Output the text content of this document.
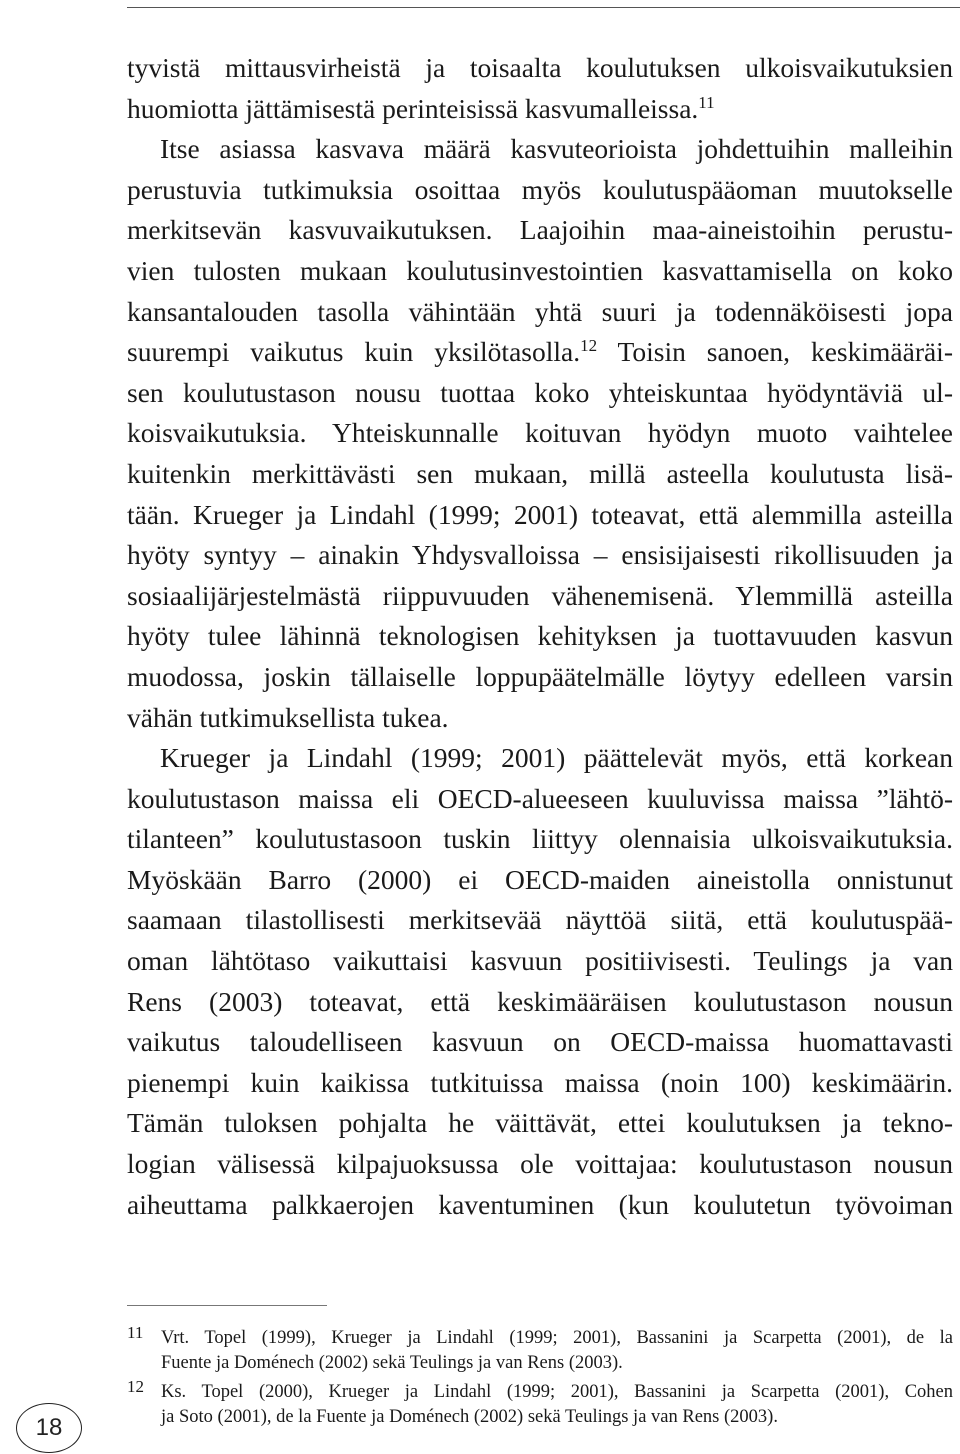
tyvistä mittausvirheistä ja toisaalta koulutuksen ulkoisvaikutuksien
huomiotta jättämisestä perinteisissä kasvumalleissa.$^{11}$
Itse asiassa kasvava määrä kasvuteorioista johdettuihin malleihin
perustuvia tutkimuksia osoittaa myös koulutuspääoman muutokselle
merkitsevän kasvuvaikutuksen. Laajoihin maa-aineistoihin perustu-
vien tulosten mukaan koulutusinvestointien kasvattamisella on koko
kansantalouden tasolla vähintään yhtä suuri ja todennäköisesti jopa
suurempi vaikutus kuin yksilötasolla.$^{12}$ Toisin sanoen, keskimääräi-
sen koulutustason nousu tuottaa koko yhteiskuntaa hyödyntäviä ul-
koisvaikutuksia. Yhteiskunnalle koituvan hyödyn muoto vaihtelee
kuitenkin merkittävästi sen mukaan, millä asteella koulutusta lisä-
tään. Krueger ja Lindahl (1999; 2001) toteavat, että alemmilla asteilla
hyöty syntyy – ainakin Yhdysvalloissa – ensisijaisesti rikollisuuden ja
sosiaalijärjestelmästä riippuvuuden vähenemisenä. Ylemmillä asteilla
hyöty tulee lähinnä teknologisen kehityksen ja tuottavuuden kasvun
muodossa, joskin tällaiselle loppupäätelmälle löytyy edelleen varsin
vähän tutkimuksellista tukea.
Krueger ja Lindahl (1999; 2001) päättelevät myös, että korkean
koulutustason maissa eli OECD-alueeseen kuuluvissa maissa ”lähtö-
tilanteen” koulutustasoon tuskin liittyy olennaisia ulkoisvaikutuksia.
Myöskään Barro (2000) ei OECD-maiden aineistolla onnistunut
saamaan tilastollisesti merkitsevää näyttöä siitä, että koulutuspää-
oman lähtötaso vaikuttaisi kasvuun positiivisesti. Teulings ja van
Rens (2003) toteavat, että keskimääräisen koulutustason nousun
vaikutus taloudelliseen kasvuun on OECD-maissa huomattavasti
pienempi kuin kaikissa tutkituissa maissa (noin 100) keskimäärin.
Tämän tuloksen pohjalta he väittävät, ettei koulutuksen ja tekno-
logian välisessä kilpajuoksussa ole voittajaa: koulutustason nousun
aiheuttama palkkaerojen kaventuminen (kun koulutetun työvoiman
11 Vrt. Topel (1999), Krueger ja Lindahl (1999; 2001), Bassanini ja Scarpetta (2001), de la
Fuente ja Doménech (2002) sekä Teulings ja van Rens (2003).
12 Ks. Topel (2000), Krueger ja Lindahl (1999; 2001), Bassanini ja Scarpetta (2001), Cohen
ja Soto (2001), de la Fuente ja Doménech (2002) sekä Teulings ja van Rens (2003).
18
